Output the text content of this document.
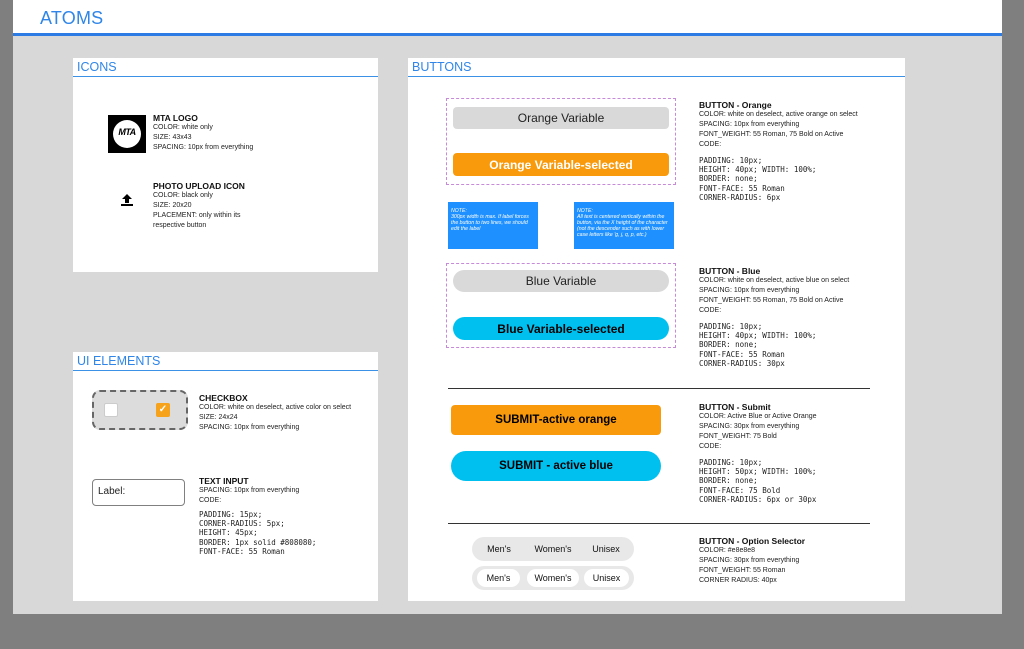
ATOMS
ICONS
MTA
MTA LOGO
COLOR: white only
SIZE: 43x43
SPACING: 10px from everything
PHOTO UPLOAD ICON
COLOR: black only
SIZE: 20x20
PLACEMENT: only within its
respective button
UI ELEMENTS
✓
CHECKBOX
COLOR: white on deselect, active color on select
SIZE: 24x24
SPACING: 10px from everything
Label:
TEXT INPUT
SPACING: 10px from everything
CODE:
PADDING: 15px;
CORNER-RADIUS: 5px;
HEIGHT: 45px;
BORDER: 1px solid #808080;
FONT-FACE: 55 Roman
BUTTONS
Orange Variable
Orange Variable-selected
BUTTON - Orange
COLOR: white on deselect, active orange on select
SPACING: 10px from everything
FONT_WEIGHT: 55 Roman, 75 Bold on Active
CODE:
PADDING: 10px;
HEIGHT: 40px; WIDTH: 100%;
BORDER: none;
FONT-FACE: 55 Roman
CORNER-RADIUS: 6px
NOTE:
300px width is max. If label forces the button to two lines, we should edit the label
NOTE:
All text is centered vertically within the button, via the X height of the character (not the descender such as with lower case letters like 'g, j, q, p, etc.)
Blue Variable
Blue Variable-selected
BUTTON - Blue
COLOR: white on deselect, active blue on select
SPACING: 10px from everything
FONT_WEIGHT: 55 Roman, 75 Bold on Active
CODE:
PADDING: 10px;
HEIGHT: 40px; WIDTH: 100%;
BORDER: none;
FONT-FACE: 55 Roman
CORNER-RADIUS: 30px
SUBMIT-active orange
SUBMIT - active blue
BUTTON - Submit
COLOR: Active Blue or Active Orange
SPACING: 30px from everything
FONT_WEIGHT: 75 Bold
CODE:
PADDING: 10px;
HEIGHT: 50px; WIDTH: 100%;
BORDER: none;
FONT-FACE: 75 Bold
CORNER-RADIUS: 6px or 30px
Men's	Women's	Unisex
Men's	Women's	Unisex
BUTTON - Option Selector
COLOR: #e8e8e8
SPACING: 30px from everything
FONT_WEIGHT: 55 Roman
CORNER RADIUS: 40px
